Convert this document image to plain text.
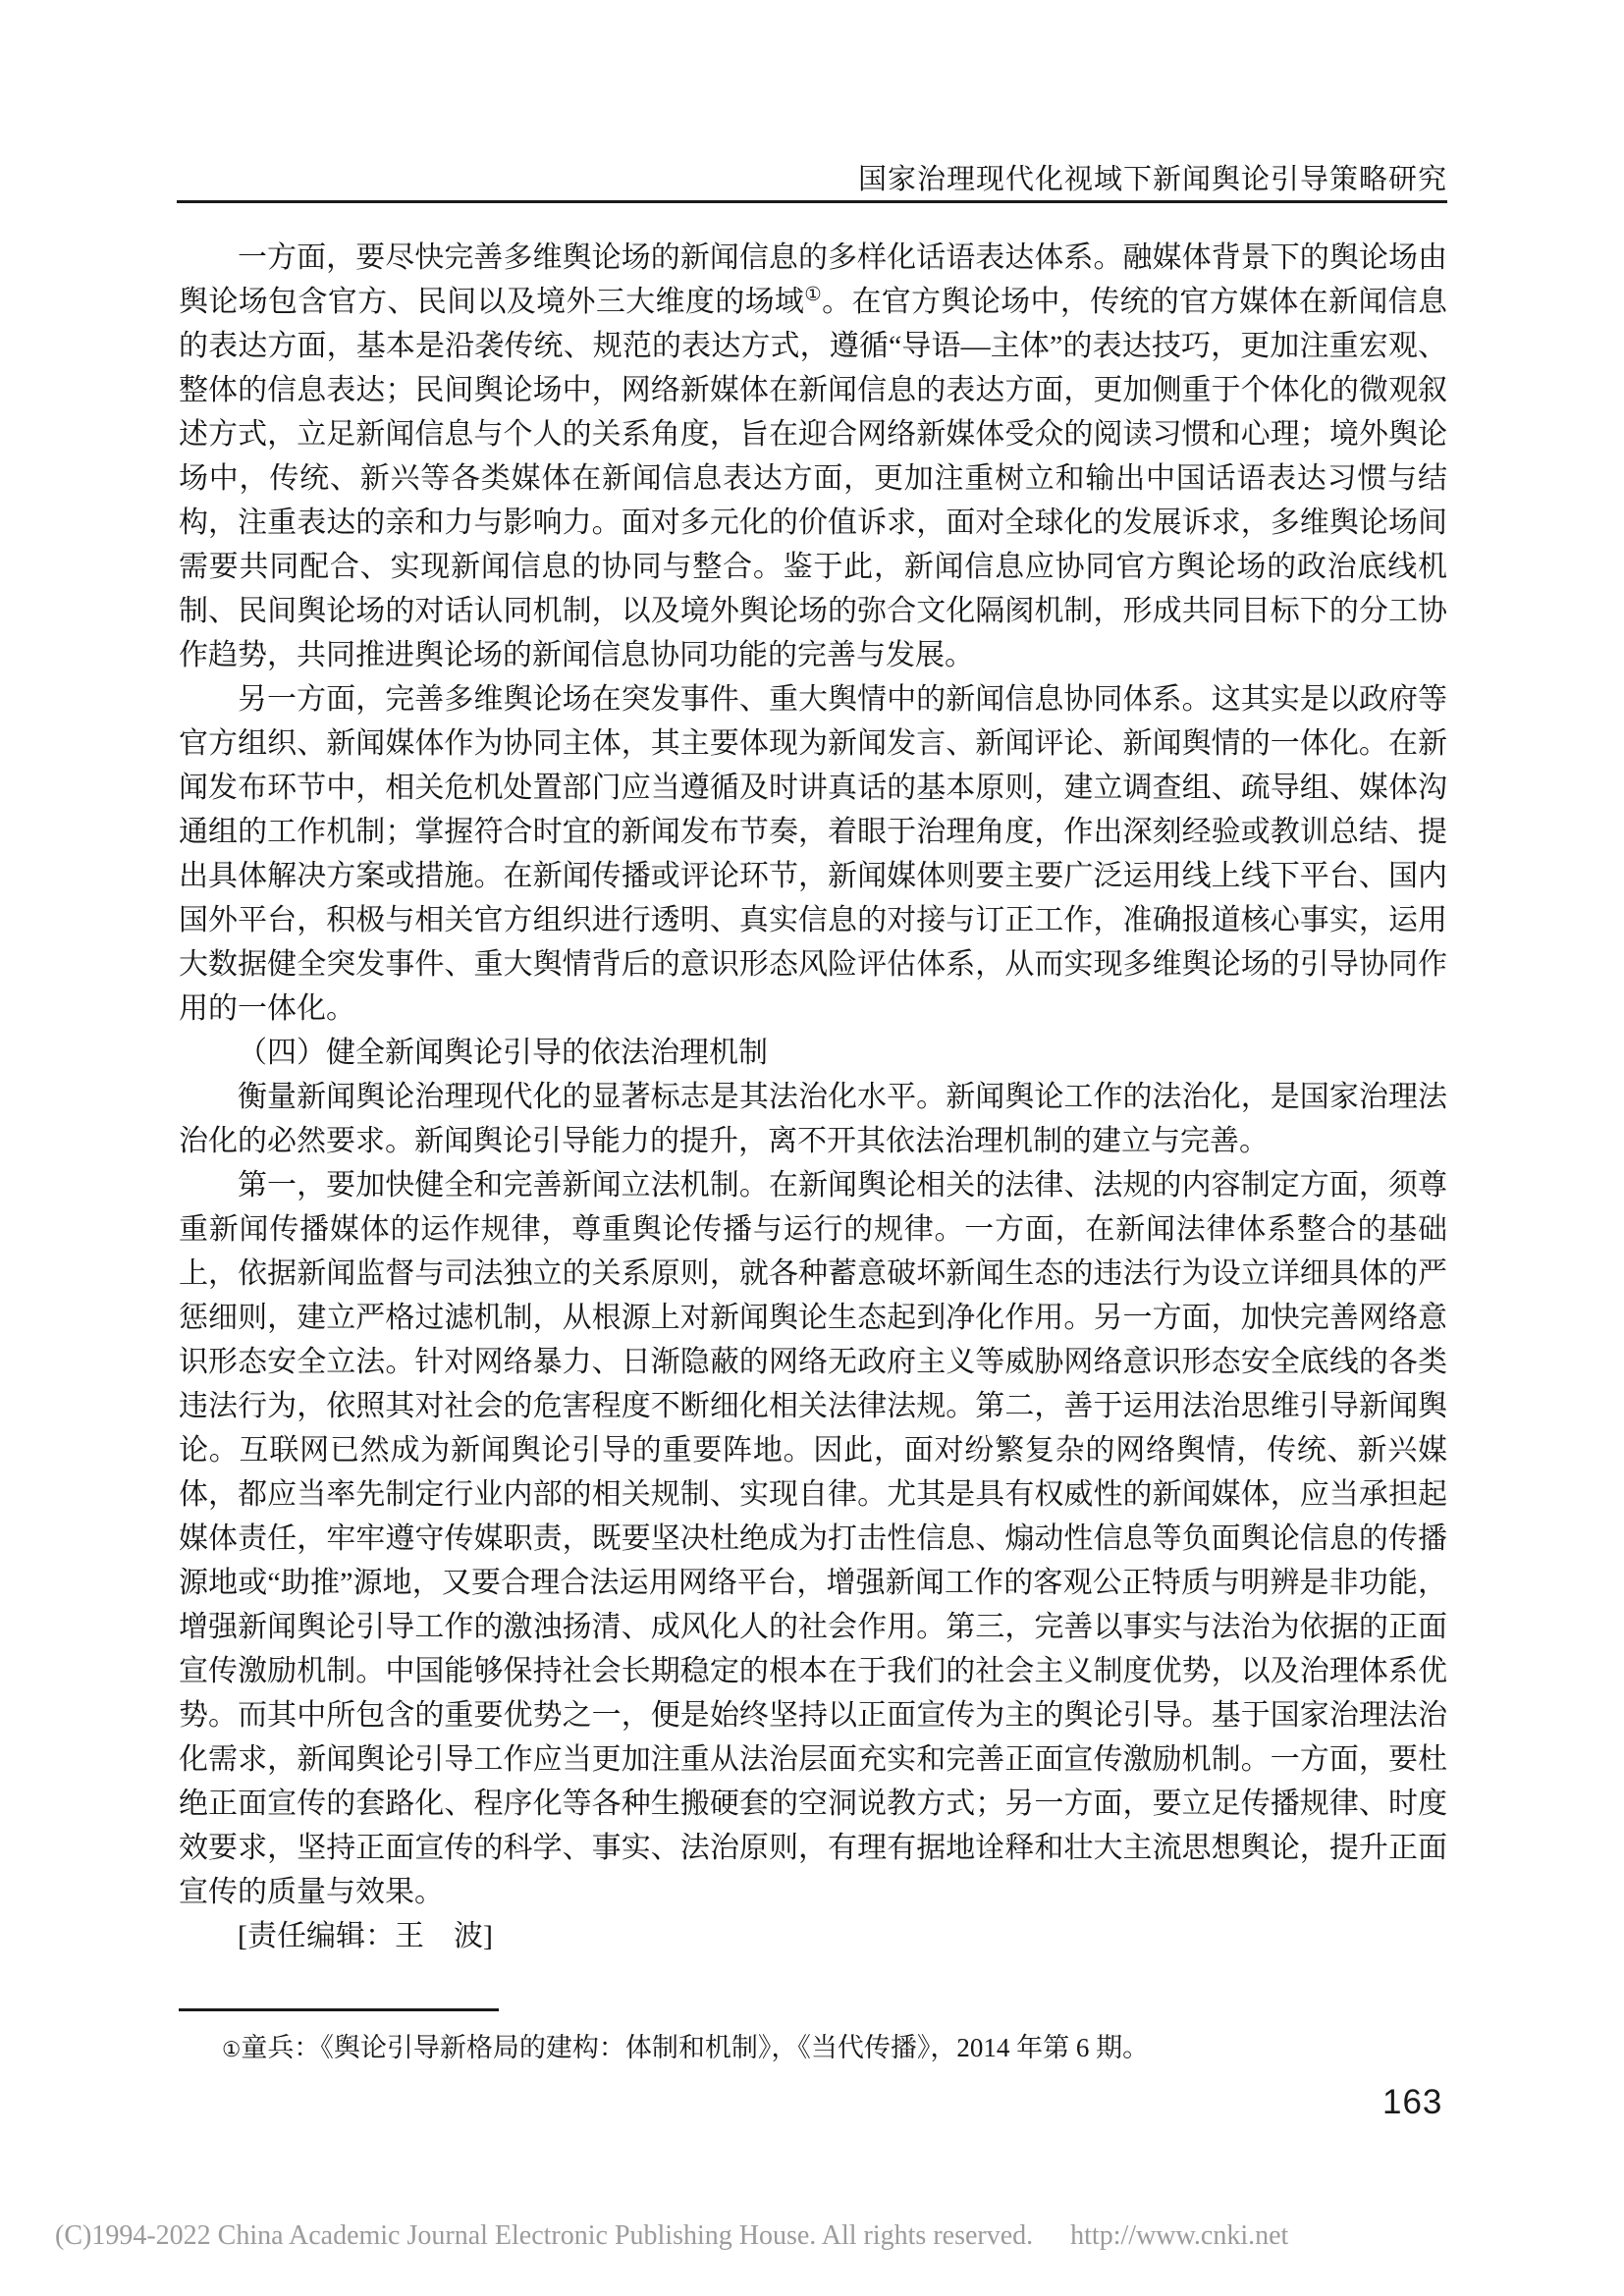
国家治理现代化视域下新闻舆论引导策略研究

一方面，要尽快完善多维舆论场的新闻信息的多样化话语表达体系。融媒体背景下的舆论场由舆论场包含官方、民间以及境外三大维度的场域①。在官方舆论场中，传统的官方媒体在新闻信息的表达方面，基本是沿袭传统、规范的表达方式，遵循“导语—主体”的表达技巧，更加注重宏观、整体的信息表达；民间舆论场中，网络新媒体在新闻信息的表达方面，更加侧重于个体化的微观叙述方式，立足新闻信息与个人的关系角度，旨在迎合网络新媒体受众的阅读习惯和心理；境外舆论场中，传统、新兴等各类媒体在新闻信息表达方面，更加注重树立和输出中国话语表达习惯与结构，注重表达的亲和力与影响力。面对多元化的价值诉求，面对全球化的发展诉求，多维舆论场间需要共同配合、实现新闻信息的协同与整合。鉴于此，新闻信息应协同官方舆论场的政治底线机制、民间舆论场的对话认同机制，以及境外舆论场的弥合文化隔阂机制，形成共同目标下的分工协作趋势，共同推进舆论场的新闻信息协同功能的完善与发展。

另一方面，完善多维舆论场在突发事件、重大舆情中的新闻信息协同体系。这其实是以政府等官方组织、新闻媒体作为协同主体，其主要体现为新闻发言、新闻评论、新闻舆情的一体化。在新闻发布环节中，相关危机处置部门应当遵循及时讲真话的基本原则，建立调查组、疏导组、媒体沟通组的工作机制；掌握符合时宜的新闻发布节奏，着眼于治理角度，作出深刻经验或教训总结、提出具体解决方案或措施。在新闻传播或评论环节，新闻媒体则要主要广泛运用线上线下平台、国内国外平台，积极与相关官方组织进行透明、真实信息的对接与订正工作，准确报道核心事实，运用大数据健全突发事件、重大舆情背后的意识形态风险评估体系，从而实现多维舆论场的引导协同作用的一体化。

（四）健全新闻舆论引导的依法治理机制

衡量新闻舆论治理现代化的显著标志是其法治化水平。新闻舆论工作的法治化，是国家治理法治化的必然要求。新闻舆论引导能力的提升，离不开其依法治理机制的建立与完善。

第一，要加快健全和完善新闻立法机制。在新闻舆论相关的法律、法规的内容制定方面，须尊重新闻传播媒体的运作规律，尊重舆论传播与运行的规律。一方面，在新闻法律体系整合的基础上，依据新闻监督与司法独立的关系原则，就各种蓄意破坏新闻生态的违法行为设立详细具体的严惩细则，建立严格过滤机制，从根源上对新闻舆论生态起到净化作用。另一方面，加快完善网络意识形态安全立法。针对网络暴力、日渐隐蔽的网络无政府主义等威胁网络意识形态安全底线的各类违法行为，依照其对社会的危害程度不断细化相关法律法规。第二，善于运用法治思维引导新闻舆论。互联网已然成为新闻舆论引导的重要阵地。因此，面对纷繁复杂的网络舆情，传统、新兴媒体，都应当率先制定行业内部的相关规制、实现自律。尤其是具有权威性的新闻媒体，应当承担起媒体责任，牢牢遵守传媒职责，既要坚决杜绝成为打击性信息、煽动性信息等负面舆论信息的传播源地或“助推”源地，又要合理合法运用网络平台，增强新闻工作的客观公正特质与明辨是非功能，增强新闻舆论引导工作的激浊扬清、成风化人的社会作用。第三，完善以事实与法治为依据的正面宣传激励机制。中国能够保持社会长期稳定的根本在于我们的社会主义制度优势，以及治理体系优势。而其中所包含的重要优势之一，便是始终坚持以正面宣传为主的舆论引导。基于国家治理法治化需求，新闻舆论引导工作应当更加注重从法治层面充实和完善正面宣传激励机制。一方面，要杜绝正面宣传的套路化、程序化等各种生搬硬套的空洞说教方式；另一方面，要立足传播规律、时度效要求，坚持正面宣传的科学、事实、法治原则，有理有据地诠释和壮大主流思想舆论，提升正面宣传的质量与效果。

[责任编辑：王　波]

①童兵：《舆论引导新格局的建构：体制和机制》，《当代传播》，2014 年第 6 期。
163
(C)1994-2022 China Academic Journal Electronic Publishing House. All rights reserved. http://www.cnki.net
